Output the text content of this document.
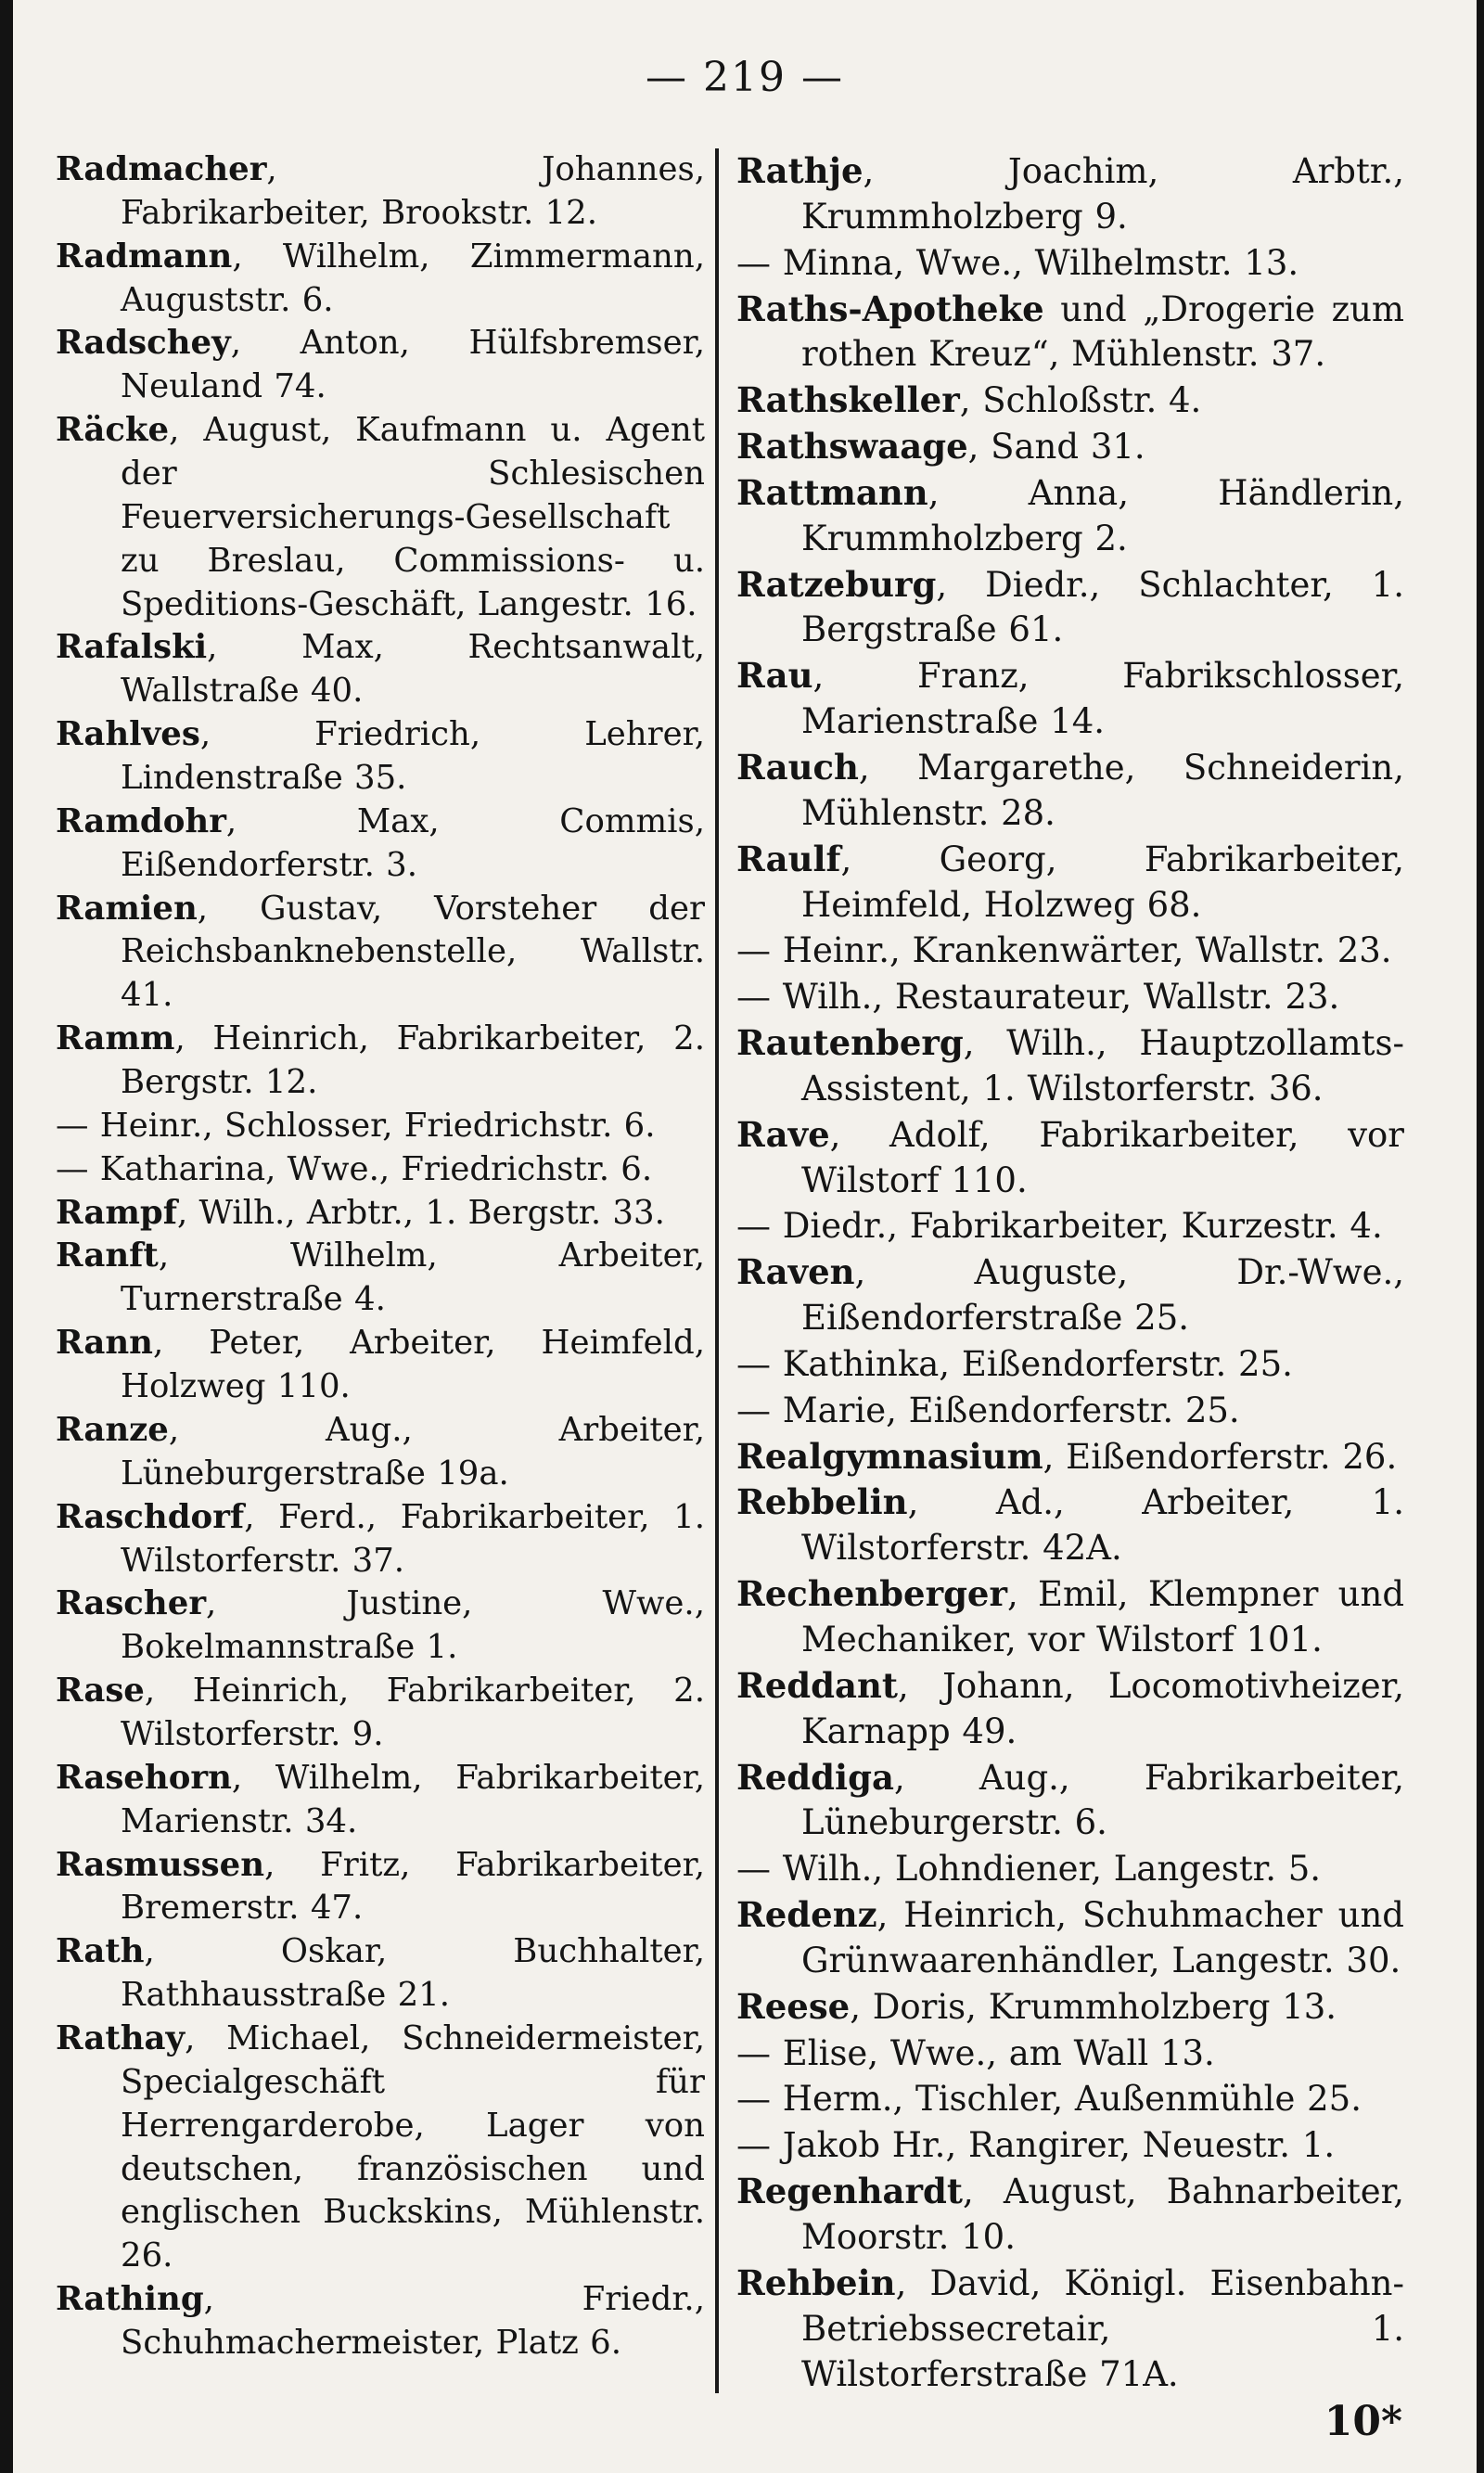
— 219 —
Radmacher, Johannes, Fabrikarbeiter, Brookstr. 12.
Radmann, Wilhelm, Zimmermann, Auguststr. 6.
Radschey, Anton, Hülfsbremser, Neuland 74.
Räcke, August, Kaufmann u. Agent der Schlesischen Feuerversicherungs-Gesellschaft zu Breslau, Commissions- u. Speditions-Geschäft, Langestr. 16.
Rafalski, Max, Rechtsanwalt, Wallstraße 40.
Rahlves, Friedrich, Lehrer, Lindenstraße 35.
Ramdohr, Max, Commis, Eißendorferstr. 3.
Ramien, Gustav, Vorsteher der Reichsbanknebenstelle, Wallstr. 41.
Ramm, Heinrich, Fabrikarbeiter, 2. Bergstr. 12.
— Heinr., Schlosser, Friedrichstr. 6.
— Katharina, Wwe., Friedrichstr. 6.
Rampf, Wilh., Arbtr., 1. Bergstr. 33.
Ranft, Wilhelm, Arbeiter, Turnerstraße 4.
Rann, Peter, Arbeiter, Heimfeld, Holzweg 110.
Ranze, Aug., Arbeiter, Lüneburgerstraße 19a.
Raschdorf, Ferd., Fabrikarbeiter, 1. Wilstorferstr. 37.
Rascher, Justine, Wwe., Bokelmannstraße 1.
Rase, Heinrich, Fabrikarbeiter, 2. Wilstorferstr. 9.
Rasehorn, Wilhelm, Fabrikarbeiter, Marienstr. 34.
Rasmussen, Fritz, Fabrikarbeiter, Bremerstr. 47.
Rath, Oskar, Buchhalter, Rathhausstraße 21.
Rathay, Michael, Schneidermeister, Specialgeschäft für Herrengarderobe, Lager von deutschen, französischen und englischen Buckskins, Mühlenstr. 26.
Rathing, Friedr., Schuhmachermeister, Platz 6.
Rathje, Joachim, Arbtr., Krummholzberg 9.
— Minna, Wwe., Wilhelmstr. 13.
Raths-Apotheke und „Drogerie zum rothen Kreuz“, Mühlenstr. 37.
Rathskeller, Schloßstr. 4.
Rathswaage, Sand 31.
Rattmann, Anna, Händlerin, Krummholzberg 2.
Ratzeburg, Diedr., Schlachter, 1. Bergstraße 61.
Rau, Franz, Fabrikschlosser, Marienstraße 14.
Rauch, Margarethe, Schneiderin, Mühlenstr. 28.
Raulf, Georg, Fabrikarbeiter, Heimfeld, Holzweg 68.
— Heinr., Krankenwärter, Wallstr. 23.
— Wilh., Restaurateur, Wallstr. 23.
Rautenberg, Wilh., Hauptzollamts-Assistent, 1. Wilstorferstr. 36.
Rave, Adolf, Fabrikarbeiter, vor Wilstorf 110.
— Diedr., Fabrikarbeiter, Kurzestr. 4.
Raven, Auguste, Dr.-Wwe., Eißendorferstraße 25.
— Kathinka, Eißendorferstr. 25.
— Marie, Eißendorferstr. 25.
Realgymnasium, Eißendorferstr. 26.
Rebbelin, Ad., Arbeiter, 1. Wilstorferstr. 42A.
Rechenberger, Emil, Klempner und Mechaniker, vor Wilstorf 101.
Reddant, Johann, Locomotivheizer, Karnapp 49.
Reddiga, Aug., Fabrikarbeiter, Lüneburgerstr. 6.
— Wilh., Lohndiener, Langestr. 5.
Redenz, Heinrich, Schuhmacher und Grünwaarenhändler, Langestr. 30.
Reese, Doris, Krummholzberg 13.
— Elise, Wwe., am Wall 13.
— Herm., Tischler, Außenmühle 25.
— Jakob Hr., Rangirer, Neuestr. 1.
Regenhardt, August, Bahnarbeiter, Moorstr. 10.
Rehbein, David, Königl. Eisenbahn-Betriebssecretair, 1. Wilstorferstraße 71A.
10*
